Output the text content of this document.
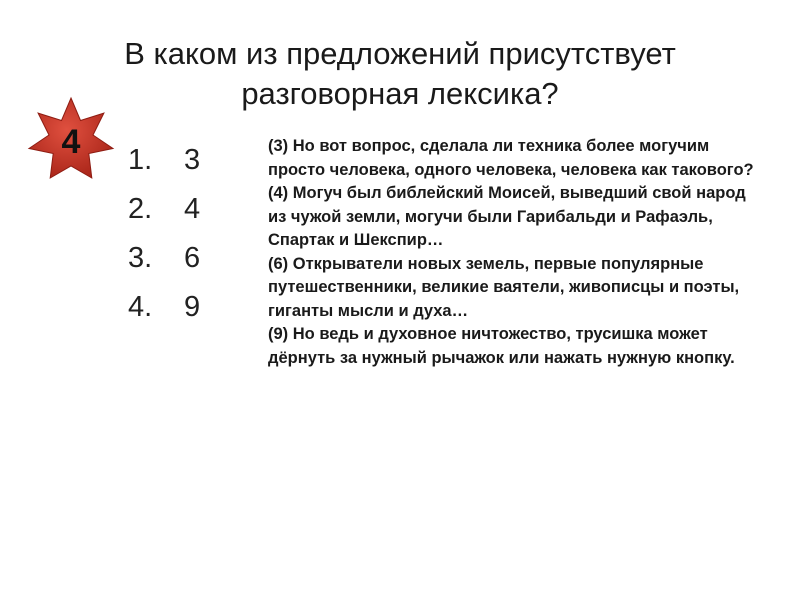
В каком из предложений присутствует
разговорная лексика?
4	1.	3
2.	4
3.	6
4.	9

(3) Но вот вопрос, сделала ли техника более могучим просто человека, одного человека, человека как такового?

(4) Могуч был библейский Моисей, выведший свой народ из чужой земли, могучи были Гарибальди и Рафаэль, Спартак и Шекспир…

(6) Открыватели новых земель, первые популярные путешественники, великие ваятели, живописцы и поэты, гиганты мысли и духа…

(9) Но ведь и духовное ничтожество, трусишка может дёрнуть за нужный рычажок или нажать нужную кнопку.
